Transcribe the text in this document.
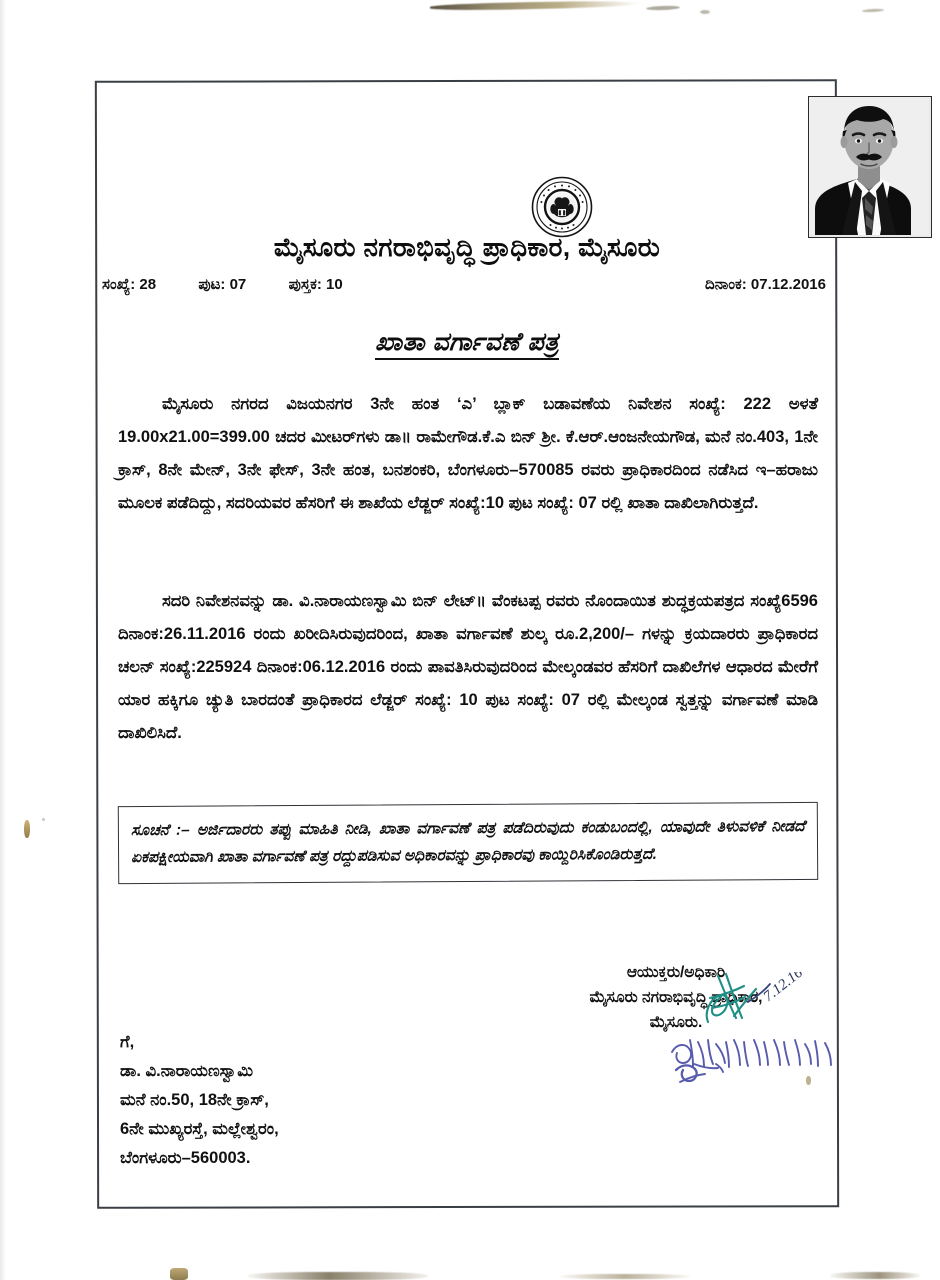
ಮೈಸೂರು ನಗರಾಭಿವೃದ್ಧಿ ಪ್ರಾಧಿಕಾರ, ಮೈಸೂರು
ಸಂಖ್ಯೆ: 28	ಪುಟ: 07	ಪುಸ್ತಕ: 10	ದಿನಾಂಕ: 07.12.2016
ಖಾತಾ ವರ್ಗಾವಣೆ ಪತ್ರ

ಮೈಸೂರು ನಗರದ ವಿಜಯನಗರ 3ನೇ ಹಂತ ‘ಎ’ ಬ್ಲಾಕ್ ಬಡಾವಣೆಯ ನಿವೇಶನ ಸಂಖ್ಯೆ: 222 ಅಳತೆ 19.00x21.00=399.00 ಚದರ ಮೀಟರ್‌ಗಳು ಡಾ॥ ರಾಮೇಗೌಡ.ಕೆ.ಎ ಬಿನ್ ಶ್ರೀ. ಕೆ.ಆರ್.ಆಂಜನೇಯಗೌಡ, ಮನೆ ನಂ.403, 1ನೇ ಕ್ರಾಸ್, 8ನೇ ಮೇನ್, 3ನೇ ಫೇಸ್, 3ನೇ ಹಂತ, ಬನಶಂಕರಿ, ಬೆಂಗಳೂರು–570085 ರವರು ಪ್ರಾಧಿಕಾರದಿಂದ ನಡೆಸಿದ ಇ–ಹರಾಜು ಮೂಲಕ ಪಡೆದಿದ್ದು, ಸದರಿಯವರ ಹೆಸರಿಗೆ ಈ ಶಾಖೆಯ ಲೆಡ್ಜರ್ ಸಂಖ್ಯೆ:10 ಪುಟ ಸಂಖ್ಯೆ: 07 ರಲ್ಲಿ ಖಾತಾ ದಾಖಿಲಾಗಿರುತ್ತದೆ.

ಸದರಿ ನಿವೇಶನವನ್ನು ಡಾ. ವಿ.ನಾರಾಯಣಸ್ವಾಮಿ ಬಿನ್ ಲೇಟ್॥ ವೆಂಕಟಪ್ಪ ರವರು ನೊಂದಾಯಿತ ಶುದ್ಧಕ್ರಯಪತ್ರದ ಸಂಖ್ಯೆ6596 ದಿನಾಂಕ:26.11.2016 ರಂದು ಖರೀದಿಸಿರುವುದರಿಂದ, ಖಾತಾ ವರ್ಗಾವಣೆ ಶುಲ್ಕ ರೂ.2,200/– ಗಳನ್ನು ಕ್ರಯದಾರರು ಪ್ರಾಧಿಕಾರದ ಚಲನ್ ಸಂಖ್ಯೆ:225924 ದಿನಾಂಕ:06.12.2016 ರಂದು ಪಾವತಿಸಿರುವುದರಿಂದ ಮೇಲ್ಕಂಡವರ ಹೆಸರಿಗೆ ದಾಖಿಲೆಗಳ ಆಧಾರದ ಮೇರೆಗೆ ಯಾರ ಹಕ್ಕಿಗೂ ಚ್ಯುತಿ ಬಾರದಂತೆ ಪ್ರಾಧಿಕಾರದ ಲೆಡ್ಜರ್ ಸಂಖ್ಯೆ: 10 ಪುಟ ಸಂಖ್ಯೆ: 07 ರಲ್ಲಿ ಮೇಲ್ಕಂಡ ಸ್ವತ್ತನ್ನು ವರ್ಗಾವಣೆ ಮಾಡಿ ದಾಖಿಲಿಸಿದೆ.

ಸೂಚನೆ :– ಅರ್ಜಿದಾರರು ತಪ್ಪು ಮಾಹಿತಿ ನೀಡಿ, ಖಾತಾ ವರ್ಗಾವಣೆ ಪತ್ರ ಪಡೆದಿರುವುದು ಕಂಡುಬಂದಲ್ಲಿ, ಯಾವುದೇ ತಿಳುವಳಿಕೆ ನೀಡದೆ ಏಕಪಕ್ಷೀಯವಾಗಿ ಖಾತಾ ವರ್ಗಾವಣೆ ಪತ್ರ ರದ್ದುಪಡಿಸುವ ಅಧಿಕಾರವನ್ನು ಪ್ರಾಧಿಕಾರವು ಕಾಯ್ದಿರಿಸಿಕೊಂಡಿರುತ್ತದೆ.

ಆಯುಕ್ತರು/ಅಧಿಕಾರಿ
ಮೈಸೂರು ನಗರಾಭಿವೃದ್ಧಿ ಪ್ರಾಧಿಕಾರ,
ಮೈಸೂರು.
7.12.16
ಗೆ,
ಡಾ. ವಿ.ನಾರಾಯಣಸ್ವಾಮಿ
ಮನೆ ನಂ.50, 18ನೇ ಕ್ರಾಸ್,
6ನೇ ಮುಖ್ಯರಸ್ತೆ, ಮಲ್ಲೇಶ್ವರಂ,
ಬೆಂಗಳೂರು–560003.
